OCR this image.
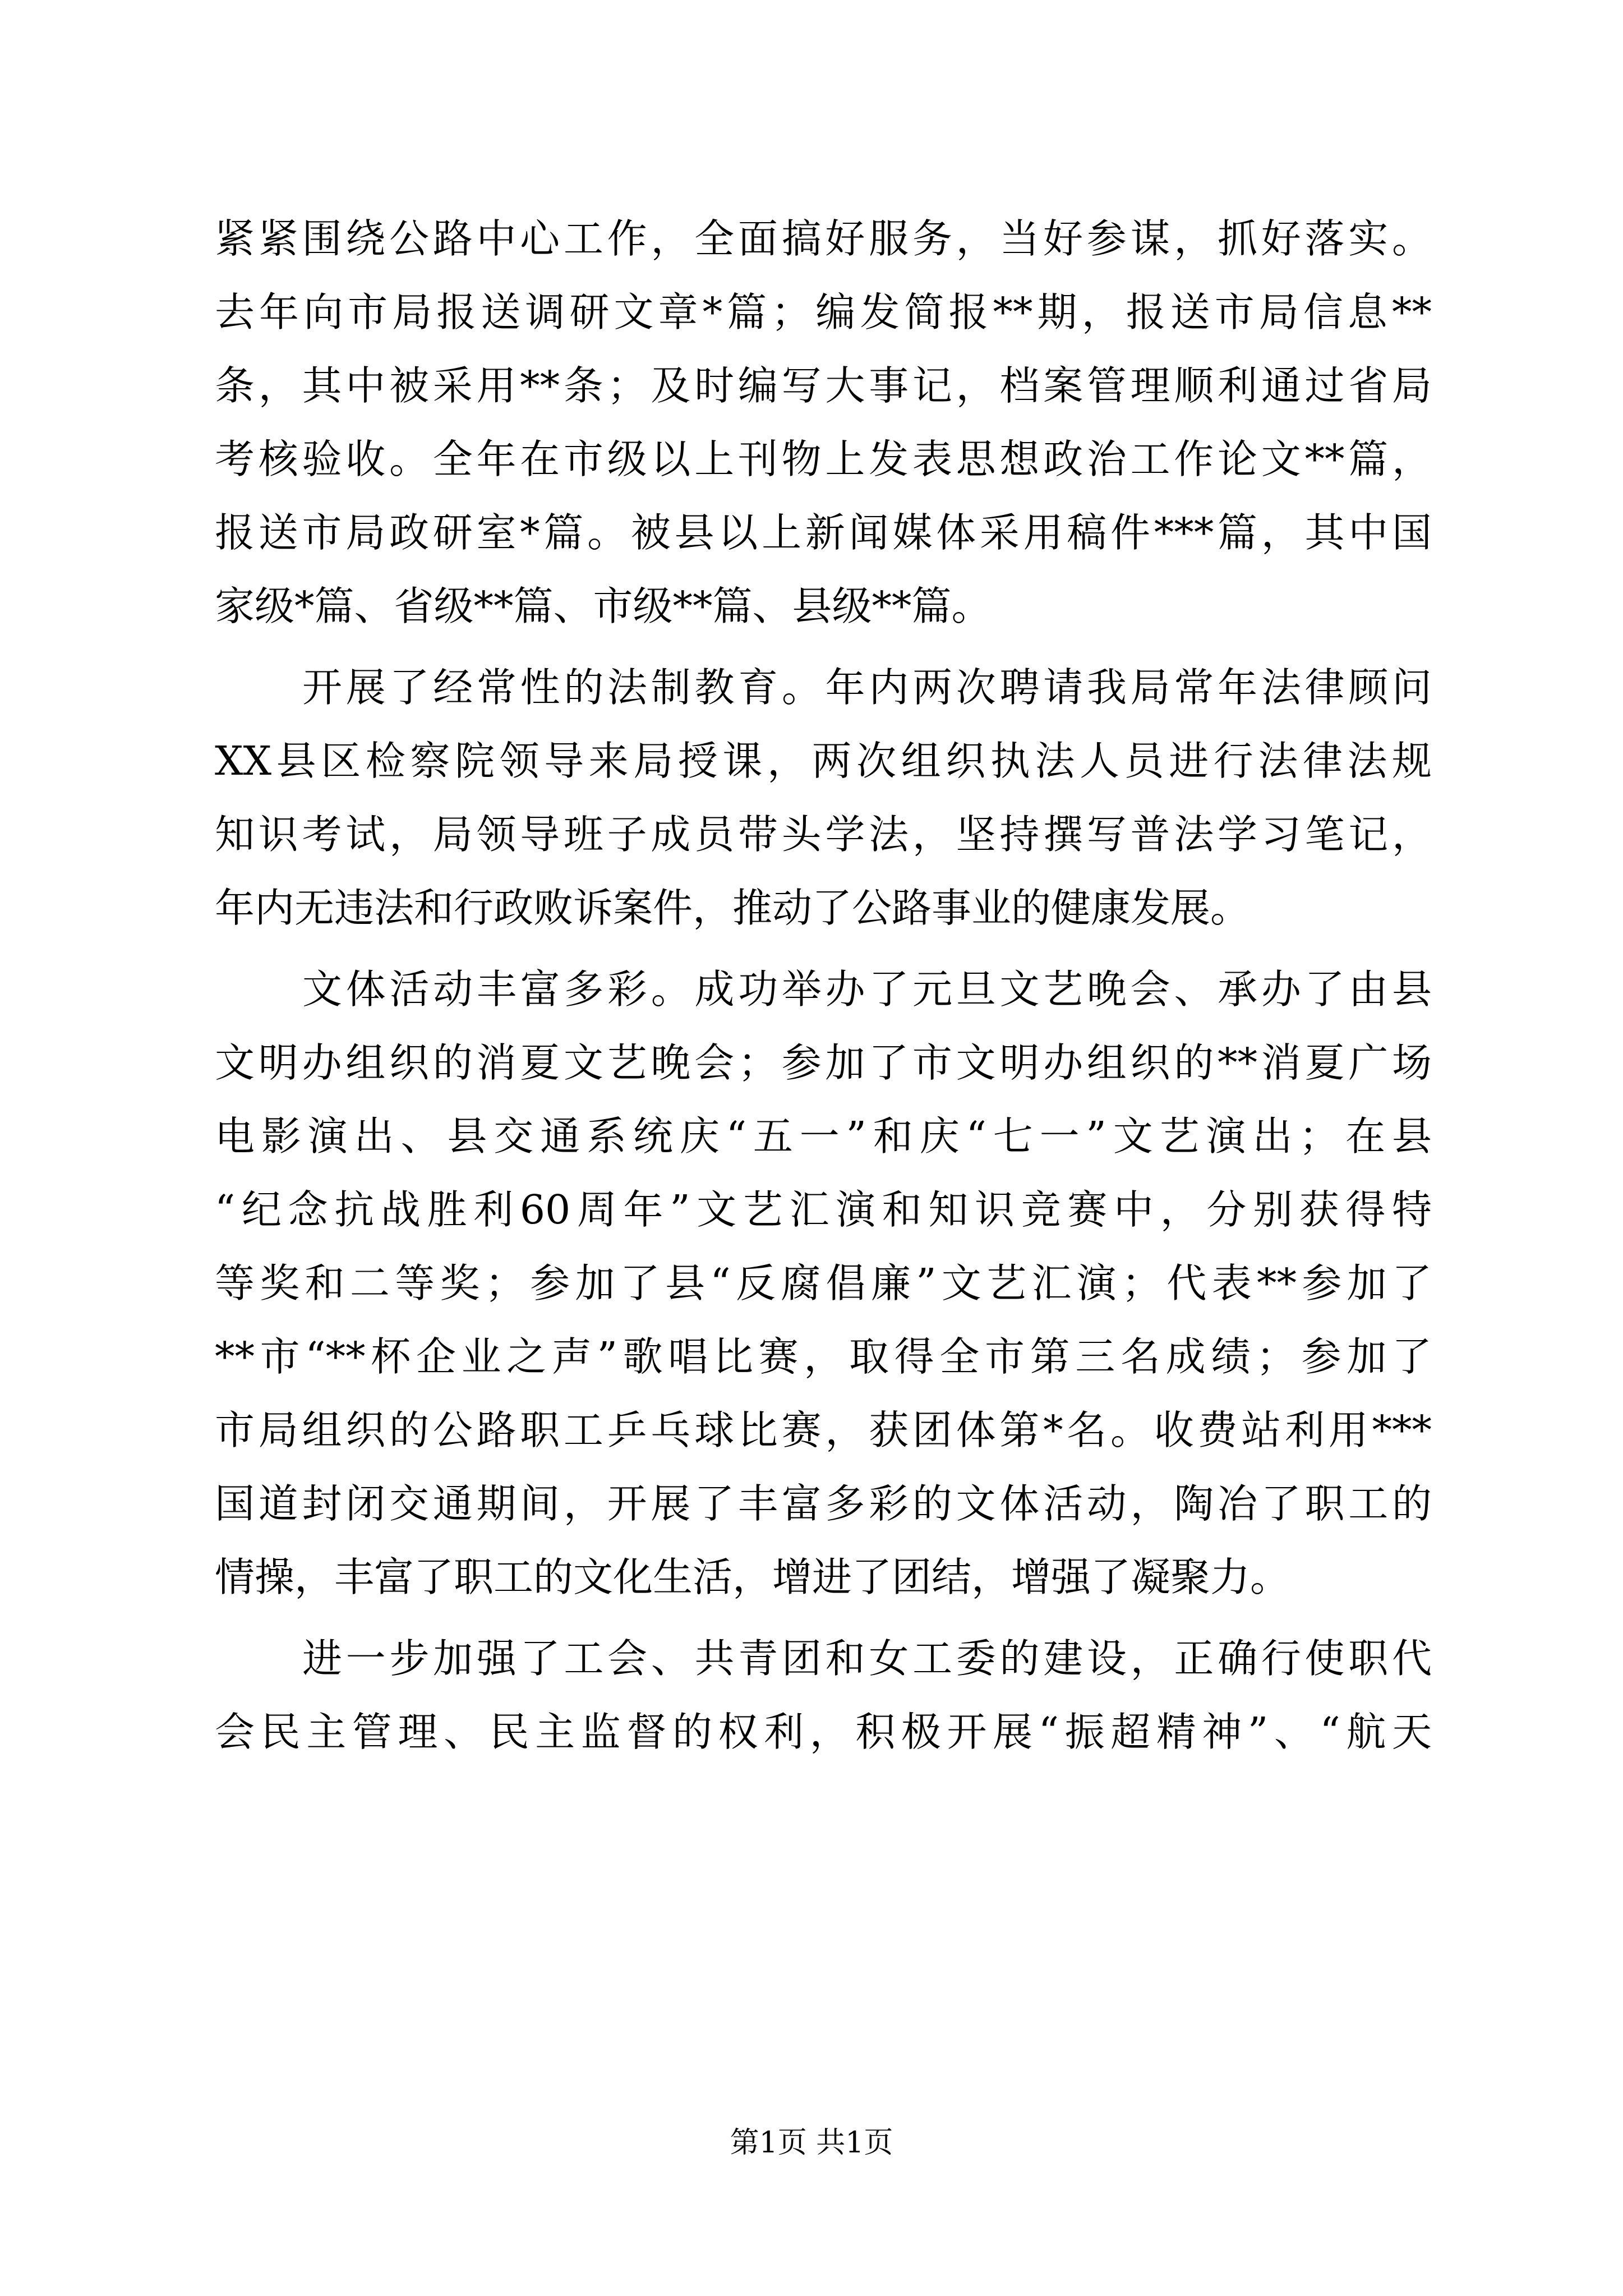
紧紧围绕公路中心工作，全面搞好服务，当好参谋，抓好落实。
去年向市局报送调研文章*篇；编发简报**期，报送市局信息**
条，其中被采用**条；及时编写大事记，档案管理顺利通过省局
考核验收。全年在市级以上刊物上发表思想政治工作论文**篇，
报送市局政研室*篇。被县以上新闻媒体采用稿件***篇，其中国
家级*篇、省级**篇、市级**篇、县级**篇。
开展了经常性的法制教育。年内两次聘请我局常年法律顾问
XX县区检察院领导来局授课，两次组织执法人员进行法律法规
知识考试，局领导班子成员带头学法，坚持撰写普法学习笔记，
年内无违法和行政败诉案件，推动了公路事业的健康发展。
文体活动丰富多彩。成功举办了元旦文艺晚会、承办了由县
文明办组织的消夏文艺晚会；参加了市文明办组织的**消夏广场
电影演出、县交通系统庆“五一”和庆“七一”文艺演出；在县
“纪念抗战胜利60周年”文艺汇演和知识竞赛中，分别获得特
等奖和二等奖；参加了县“反腐倡廉”文艺汇演；代表**参加了
**市“**杯企业之声”歌唱比赛，取得全市第三名成绩；参加了
市局组织的公路职工乒乓球比赛，获团体第*名。收费站利用***
国道封闭交通期间，开展了丰富多彩的文体活动，陶冶了职工的
情操，丰富了职工的文化生活，增进了团结，增强了凝聚力。
进一步加强了工会、共青团和女工委的建设，正确行使职代
会民主管理、民主监督的权利，积极开展“振超精神”、“航天
第1页 共1页
